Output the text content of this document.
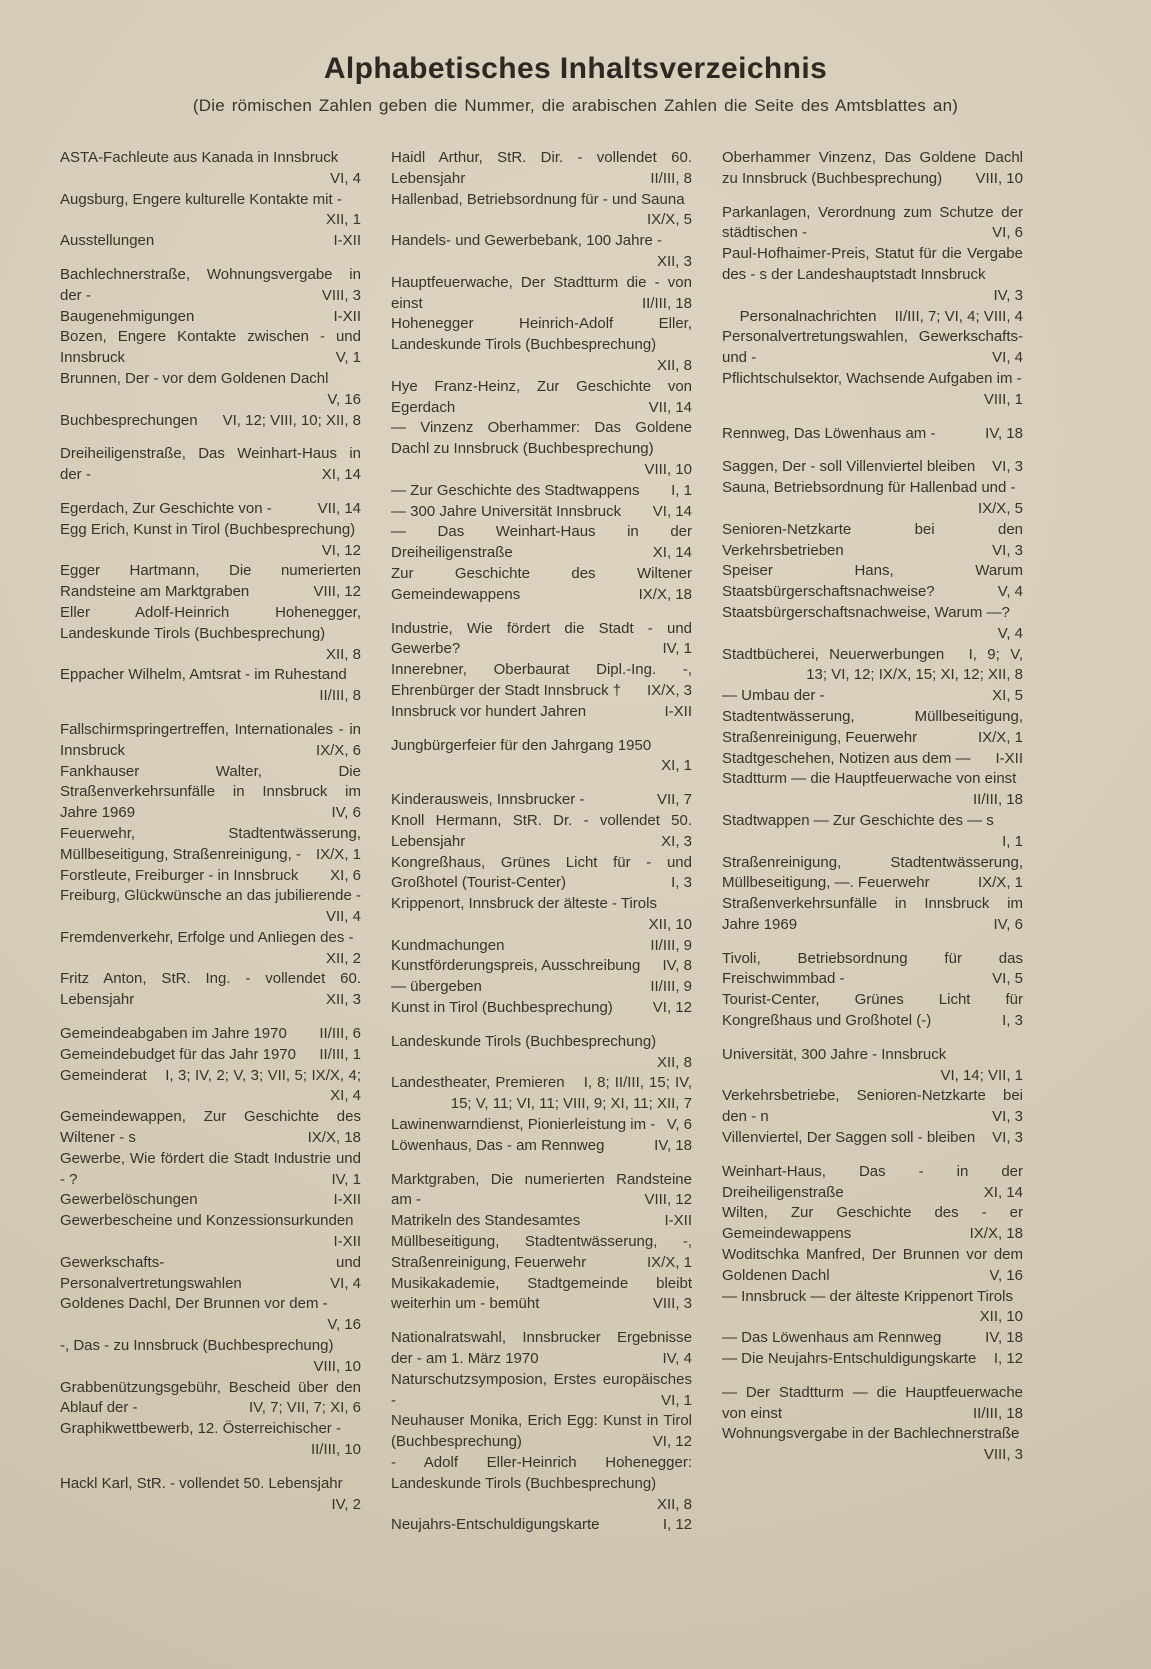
Alphabetisches Inhaltsverzeichnis
(Die römischen Zahlen geben die Nummer, die arabischen Zahlen die Seite des Amtsblattes an)
ASTA-Fachleute aus Kanada in Innsbruck
VI, 4
Augsburg, Engere kulturelle Kontakte mit -
XII, 1
Ausstellungen	I-XII
Bachlechnerstraße, Wohnungsvergabe in der -	VIII, 3
Baugenehmigungen	I-XII
Bozen, Engere Kontakte zwischen - und Innsbruck	V, 1
Brunnen, Der - vor dem Goldenen Dachl
V, 16
Buchbesprechungen VI, 12; VIII, 10; XII, 8
Dreiheiligenstraße, Das Weinhart-Haus in der -	XI, 14
Egerdach, Zur Geschichte von -	VII, 14
Egg Erich, Kunst in Tirol (Buchbesprechung)
VI, 12
Egger Hartmann, Die numerierten Randsteine am Marktgraben	VIII, 12
Eller Adolf-Heinrich Hohenegger, Landeskunde Tirols (Buchbesprechung)
XII, 8
Eppacher Wilhelm, Amtsrat - im Ruhestand
II/III, 8
Fallschirmspringertreffen, Internationales - in Innsbruck	IX/X, 6
Fankhauser Walter, Die Straßenverkehrsunfälle in Innsbruck im Jahre 1969	IV, 6
Feuerwehr, Stadtentwässerung, Müllbeseitigung, Straßenreinigung, - IX/X, 1
Forstleute, Freiburger - in Innsbruck XI, 6
Freiburg, Glückwünsche an das jubilierende -
VII, 4
Fremdenverkehr, Erfolge und Anliegen des -
XII, 2
Fritz Anton, StR. Ing. - vollendet 60. Lebensjahr	XII, 3
Gemeindeabgaben im Jahre 1970 II/III, 6
Gemeindebudget für das Jahr 1970 II/III, 1
Gemeinderat I, 3; IV, 2; V, 3; VII, 5; IX/X, 4; XI, 4
Gemeindewappen, Zur Geschichte des Wiltener - s	IX/X, 18
Gewerbe, Wie fördert die Stadt Industrie und - ?	IV, 1
Gewerbelöschungen	I-XII
Gewerbescheine und Konzessionsurkunden
I-XII
Gewerkschafts- und Personalvertretungswahlen	VI, 4
Goldenes Dachl, Der Brunnen vor dem -
V, 16
-, Das - zu Innsbruck (Buchbesprechung)
VIII, 10
Grabbenützungsgebühr, Bescheid über den Ablauf der -	IV, 7; VII, 7; XI, 6
Graphikwettbewerb, 12. Österreichischer -
II/III, 10
Hackl Karl, StR. - vollendet 50. Lebensjahr
IV, 2
Haidl Arthur, StR. Dir. - vollendet 60. Lebensjahr	II/III, 8
Hallenbad, Betriebsordnung für - und Sauna
IX/X, 5
Handels- und Gewerbebank, 100 Jahre -
XII, 3
Hauptfeuerwache, Der Stadtturm die - von einst	II/III, 18
Hohenegger Heinrich-Adolf Eller, Landeskunde Tirols (Buchbesprechung)
XII, 8
Hye Franz-Heinz, Zur Geschichte von Egerdach	VII, 14
— Vinzenz Oberhammer: Das Goldene Dachl zu Innsbruck (Buchbesprechung)
VIII, 10
— Zur Geschichte des Stadtwappens I, 1
— 300 Jahre Universität Innsbruck VI, 14
— Das Weinhart-Haus in der Dreiheiligenstraße	XI, 14
Zur Geschichte des Wiltener Gemeindewappens	IX/X, 18
Industrie, Wie fördert die Stadt - und Gewerbe?	IV, 1
Innerebner, Oberbaurat Dipl.-Ing. -, Ehrenbürger der Stadt Innsbruck † IX/X, 3
Innsbruck vor hundert Jahren	I-XII
Jungbürgerfeier für den Jahrgang 1950
XI, 1
Kinderausweis, Innsbrucker -	VII, 7
Knoll Hermann, StR. Dr. - vollendet 50. Lebensjahr	XI, 3
Kongreßhaus, Grünes Licht für - und Großhotel (Tourist-Center)	I, 3
Krippenort, Innsbruck der älteste - Tirols
XII, 10
Kundmachungen	II/III, 9
Kunstförderungspreis, Ausschreibung IV, 8
— übergeben	II/III, 9
Kunst in Tirol (Buchbesprechung)	VI, 12
Landeskunde Tirols (Buchbesprechung)
XII, 8
Landestheater, Premieren I, 8; II/III, 15; IV, 15; V, 11; VI, 11; VIII, 9; XI, 11; XII, 7
Lawinenwarndienst, Pionierleistung im - V, 6
Löwenhaus, Das - am Rennweg	IV, 18
Marktgraben, Die numerierten Randsteine am -	VIII, 12
Matrikeln des Standesamtes	I-XII
Müllbeseitigung, Stadtentwässerung, -, Straßenreinigung, Feuerwehr	IX/X, 1
Musikakademie, Stadtgemeinde bleibt weiterhin um - bemüht	VIII, 3
Nationalratswahl, Innsbrucker Ergebnisse der - am 1. März 1970	IV, 4
Naturschutzsymposion, Erstes europäisches -	VI, 1
Neuhauser Monika, Erich Egg: Kunst in Tirol (Buchbesprechung)	VI, 12
- Adolf Eller-Heinrich Hohenegger: Landeskunde Tirols (Buchbesprechung)
XII, 8
Neujahrs-Entschuldigungskarte	I, 12
Oberhammer Vinzenz, Das Goldene Dachl zu Innsbruck (Buchbesprechung) VIII, 10
Parkanlagen, Verordnung zum Schutze der städtischen -	VI, 6
Paul-Hofhaimer-Preis, Statut für die Vergabe des - s der Landeshauptstadt Innsbruck
IV, 3
Personalnachrichten II/III, 7; VI, 4; VIII, 4
Personalvertretungswahlen, Gewerkschafts- und -	VI, 4
Pflichtschulsektor, Wachsende Aufgaben im -
VIII, 1
Rennweg, Das Löwenhaus am -	IV, 18
Saggen, Der - soll Villenviertel bleiben VI, 3
Sauna, Betriebsordnung für Hallenbad und -
IX/X, 5
Senioren-Netzkarte bei den Verkehrsbetrieben	VI, 3
Speiser Hans, Warum Staatsbürgerschaftsnachweise?	V, 4
Staatsbürgerschaftsnachweise, Warum —?
V, 4
Stadtbücherei, Neuerwerbungen I, 9; V, 13; VI, 12; IX/X, 15; XI, 12; XII, 8
— Umbau der -	XI, 5
Stadtentwässerung, Müllbeseitigung, Straßenreinigung, Feuerwehr	IX/X, 1
Stadtgeschehen, Notizen aus dem — I-XII
Stadtturm — die Hauptfeuerwache von einst
II/III, 18
Stadtwappen — Zur Geschichte des — s
I, 1
Straßenreinigung, Stadtentwässerung, Müllbeseitigung, —. Feuerwehr	IX/X, 1
Straßenverkehrsunfälle in Innsbruck im Jahre 1969	IV, 6
Tivoli, Betriebsordnung für das Freischwimmbad -	VI, 5
Tourist-Center, Grünes Licht für Kongreßhaus und Großhotel (-)	I, 3
Universität, 300 Jahre - Innsbruck
VI, 14; VII, 1
Verkehrsbetriebe, Senioren-Netzkarte bei den - n	VI, 3
Villenviertel, Der Saggen soll - bleiben VI, 3
Weinhart-Haus, Das - in der Dreiheiligenstraße	XI, 14
Wilten, Zur Geschichte des - er Gemeindewappens	IX/X, 18
Woditschka Manfred, Der Brunnen vor dem Goldenen Dachl	V, 16
— Innsbruck — der älteste Krippenort Tirols
XII, 10
— Das Löwenhaus am Rennweg	IV, 18
— Die Neujahrs-Entschuldigungskarte I, 12
— Der Stadtturm — die Hauptfeuerwache von einst	II/III, 18
Wohnungsvergabe in der Bachlechnerstraße
VIII, 3
